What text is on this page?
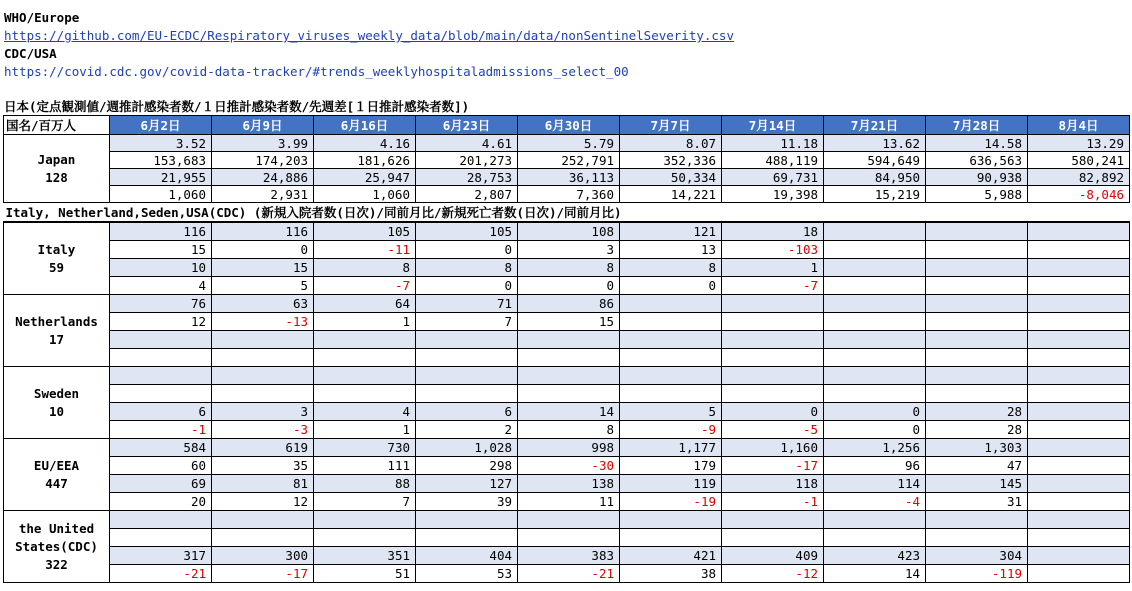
WHO/Europe
https://github.com/EU-ECDC/Respiratory_viruses_weekly_data/blob/main/data/nonSentinelSeverity.csv
CDC/USA
https://covid.cdc.gov/covid-data-tracker/#trends_weeklyhospitaladmissions_select_00
日本(定点観測値/週推計感染者数/１日推計感染者数/先週差[１日推計感染者数])
国名/百万人	6月2日	6月9日	6月16日	6月23日	6月30日	7月7日	7月14日	7月21日	7月28日	8月4日

Japan
128	3.52	3.99	4.16	4.61	5.79	8.07	11.18	13.62	14.58	13.29
	153,683	174,203	181,626	201,273	252,791	352,336	488,119	594,649	636,563	580,241
	21,955	24,886	25,947	28,753	36,113	50,334	69,731	84,950	90,938	82,892
	1,060	2,931	1,060	2,807	7,360	14,221	19,398	15,219	5,988	-8,046
Italy, Netherland,Seden,USA(CDC) (新規入院者数(日次)/同前月比/新規死亡者数(日次)/同前月比)										

Italy
59	116	116	105	105	108	121	18			
	15	0	-11	0	3	13	-103			
	10	15	8	8	8	8	1			
	4	5	-7	0	0	0	-7			

Netherlands
17	76	63	64	71	86					
	12	-13	1	7	15					

Sweden
10										

	6	3	4	6	14	5	0	0	28	
	-1	-3	1	2	8	-9	-5	0	28	

EU/EEA
447	584	619	730	1,028	998	1,177	1,160	1,256	1,303	
	60	35	111	298	-30	179	-17	96	47	
	69	81	88	127	138	119	118	114	145	
	20	12	7	39	11	-19	-1	-4	31	

the United States(CDC)
322										

	317	300	351	404	383	421	409	423	304	
	-21	-17	51	53	-21	38	-12	14	-119	
